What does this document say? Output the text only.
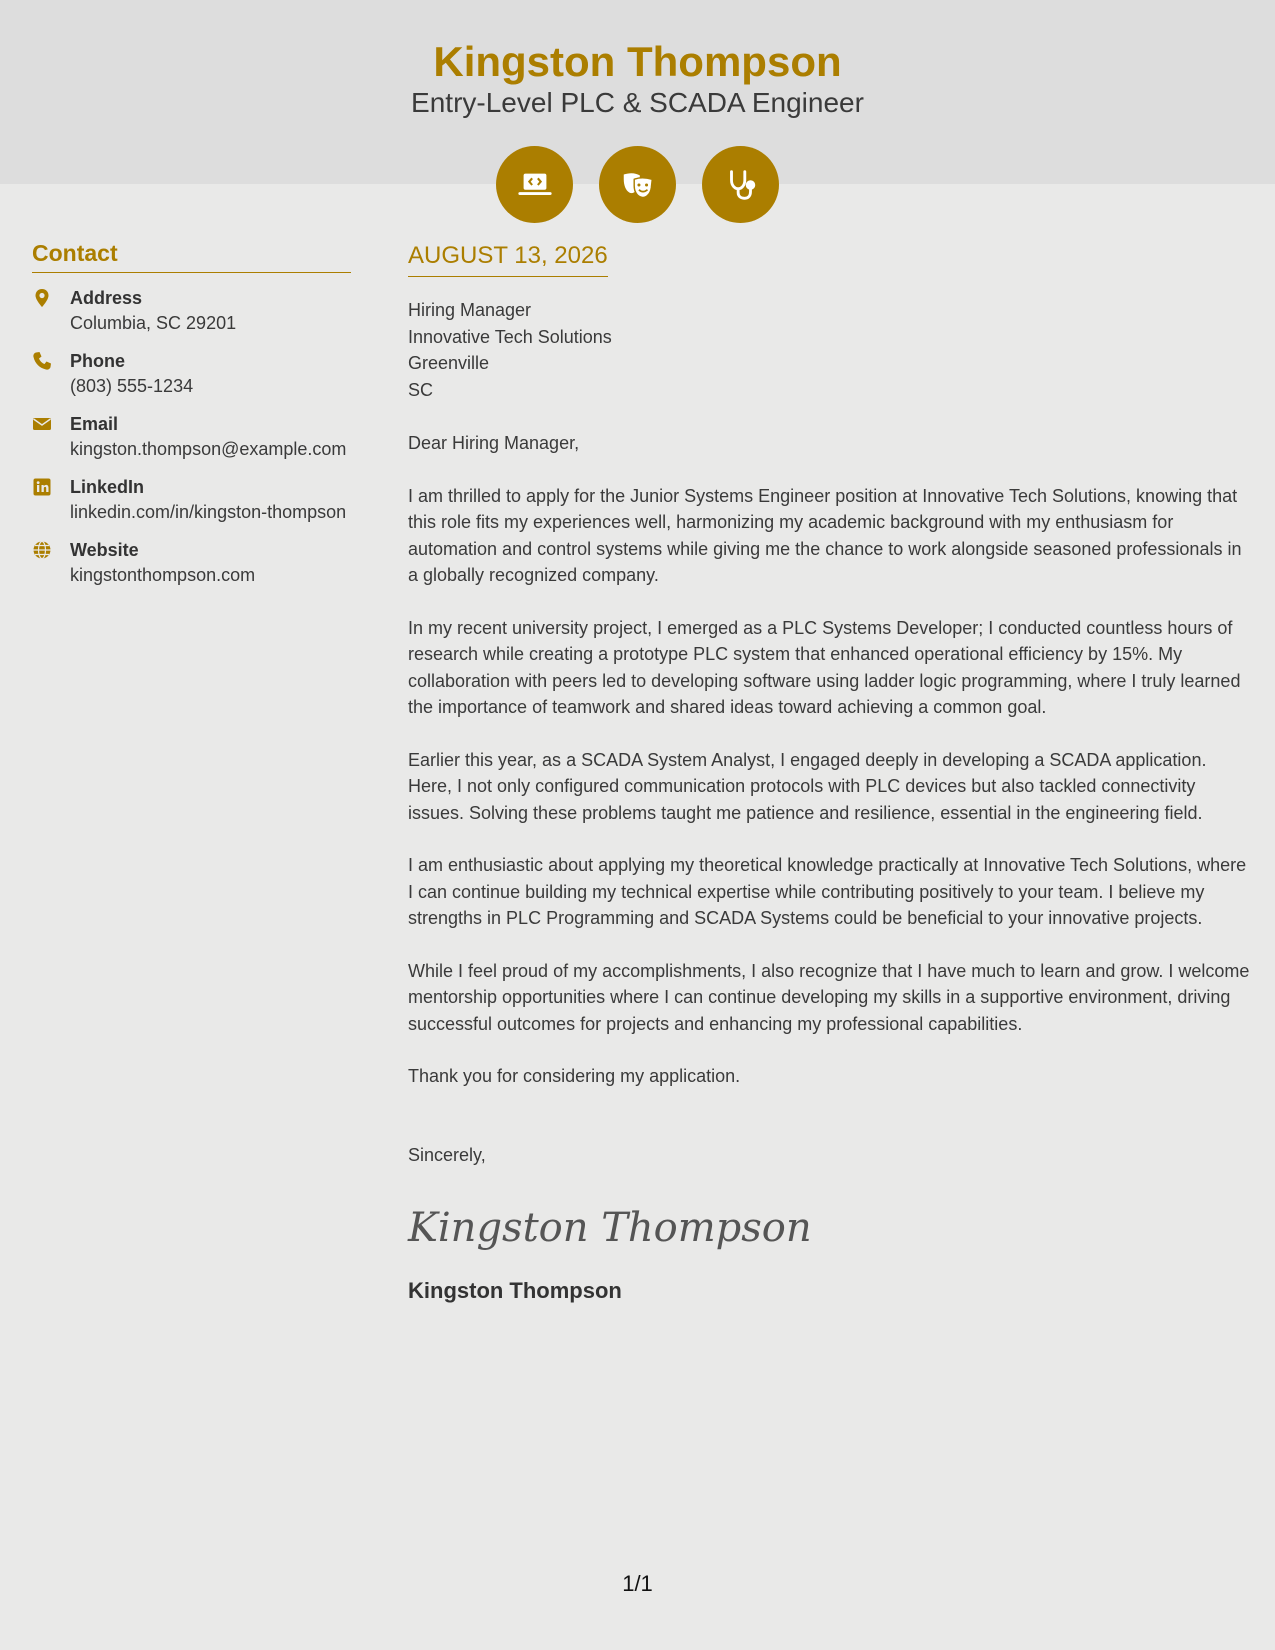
Kingston Thompson
Entry-Level PLC & SCADA Engineer
Contact
Address
Columbia, SC 29201
Phone
(803) 555-1234
Email
kingston.thompson@example.com
LinkedIn
linkedin.com/in/kingston-thompson
Website
kingstonthompson.com
AUGUST 13, 2026
Hiring Manager
Innovative Tech Solutions
Greenville
SC

Dear Hiring Manager,

I am thrilled to apply for the Junior Systems Engineer position at Innovative Tech Solutions, knowing that this role fits my experiences well, harmonizing my academic background with my enthusiasm for automation and control systems while giving me the chance to work alongside seasoned professionals in a globally recognized company.

In my recent university project, I emerged as a PLC Systems Developer; I conducted countless hours of research while creating a prototype PLC system that enhanced operational efficiency by 15%. My collaboration with peers led to developing software using ladder logic programming, where I truly learned the importance of teamwork and shared ideas toward achieving a common goal.

Earlier this year, as a SCADA System Analyst, I engaged deeply in developing a SCADA application. Here, I not only configured communication protocols with PLC devices but also tackled connectivity issues. Solving these problems taught me patience and resilience, essential in the engineering field.

I am enthusiastic about applying my theoretical knowledge practically at Innovative Tech Solutions, where I can continue building my technical expertise while contributing positively to your team. I believe my strengths in PLC Programming and SCADA Systems could be beneficial to your innovative projects.

While I feel proud of my accomplishments, I also recognize that I have much to learn and grow. I welcome mentorship opportunities where I can continue developing my skills in a supportive environment, driving successful outcomes for projects and enhancing my professional capabilities.

Thank you for considering my application.

Sincerely,

Kingston Thompson
Kingston Thompson
1/1
